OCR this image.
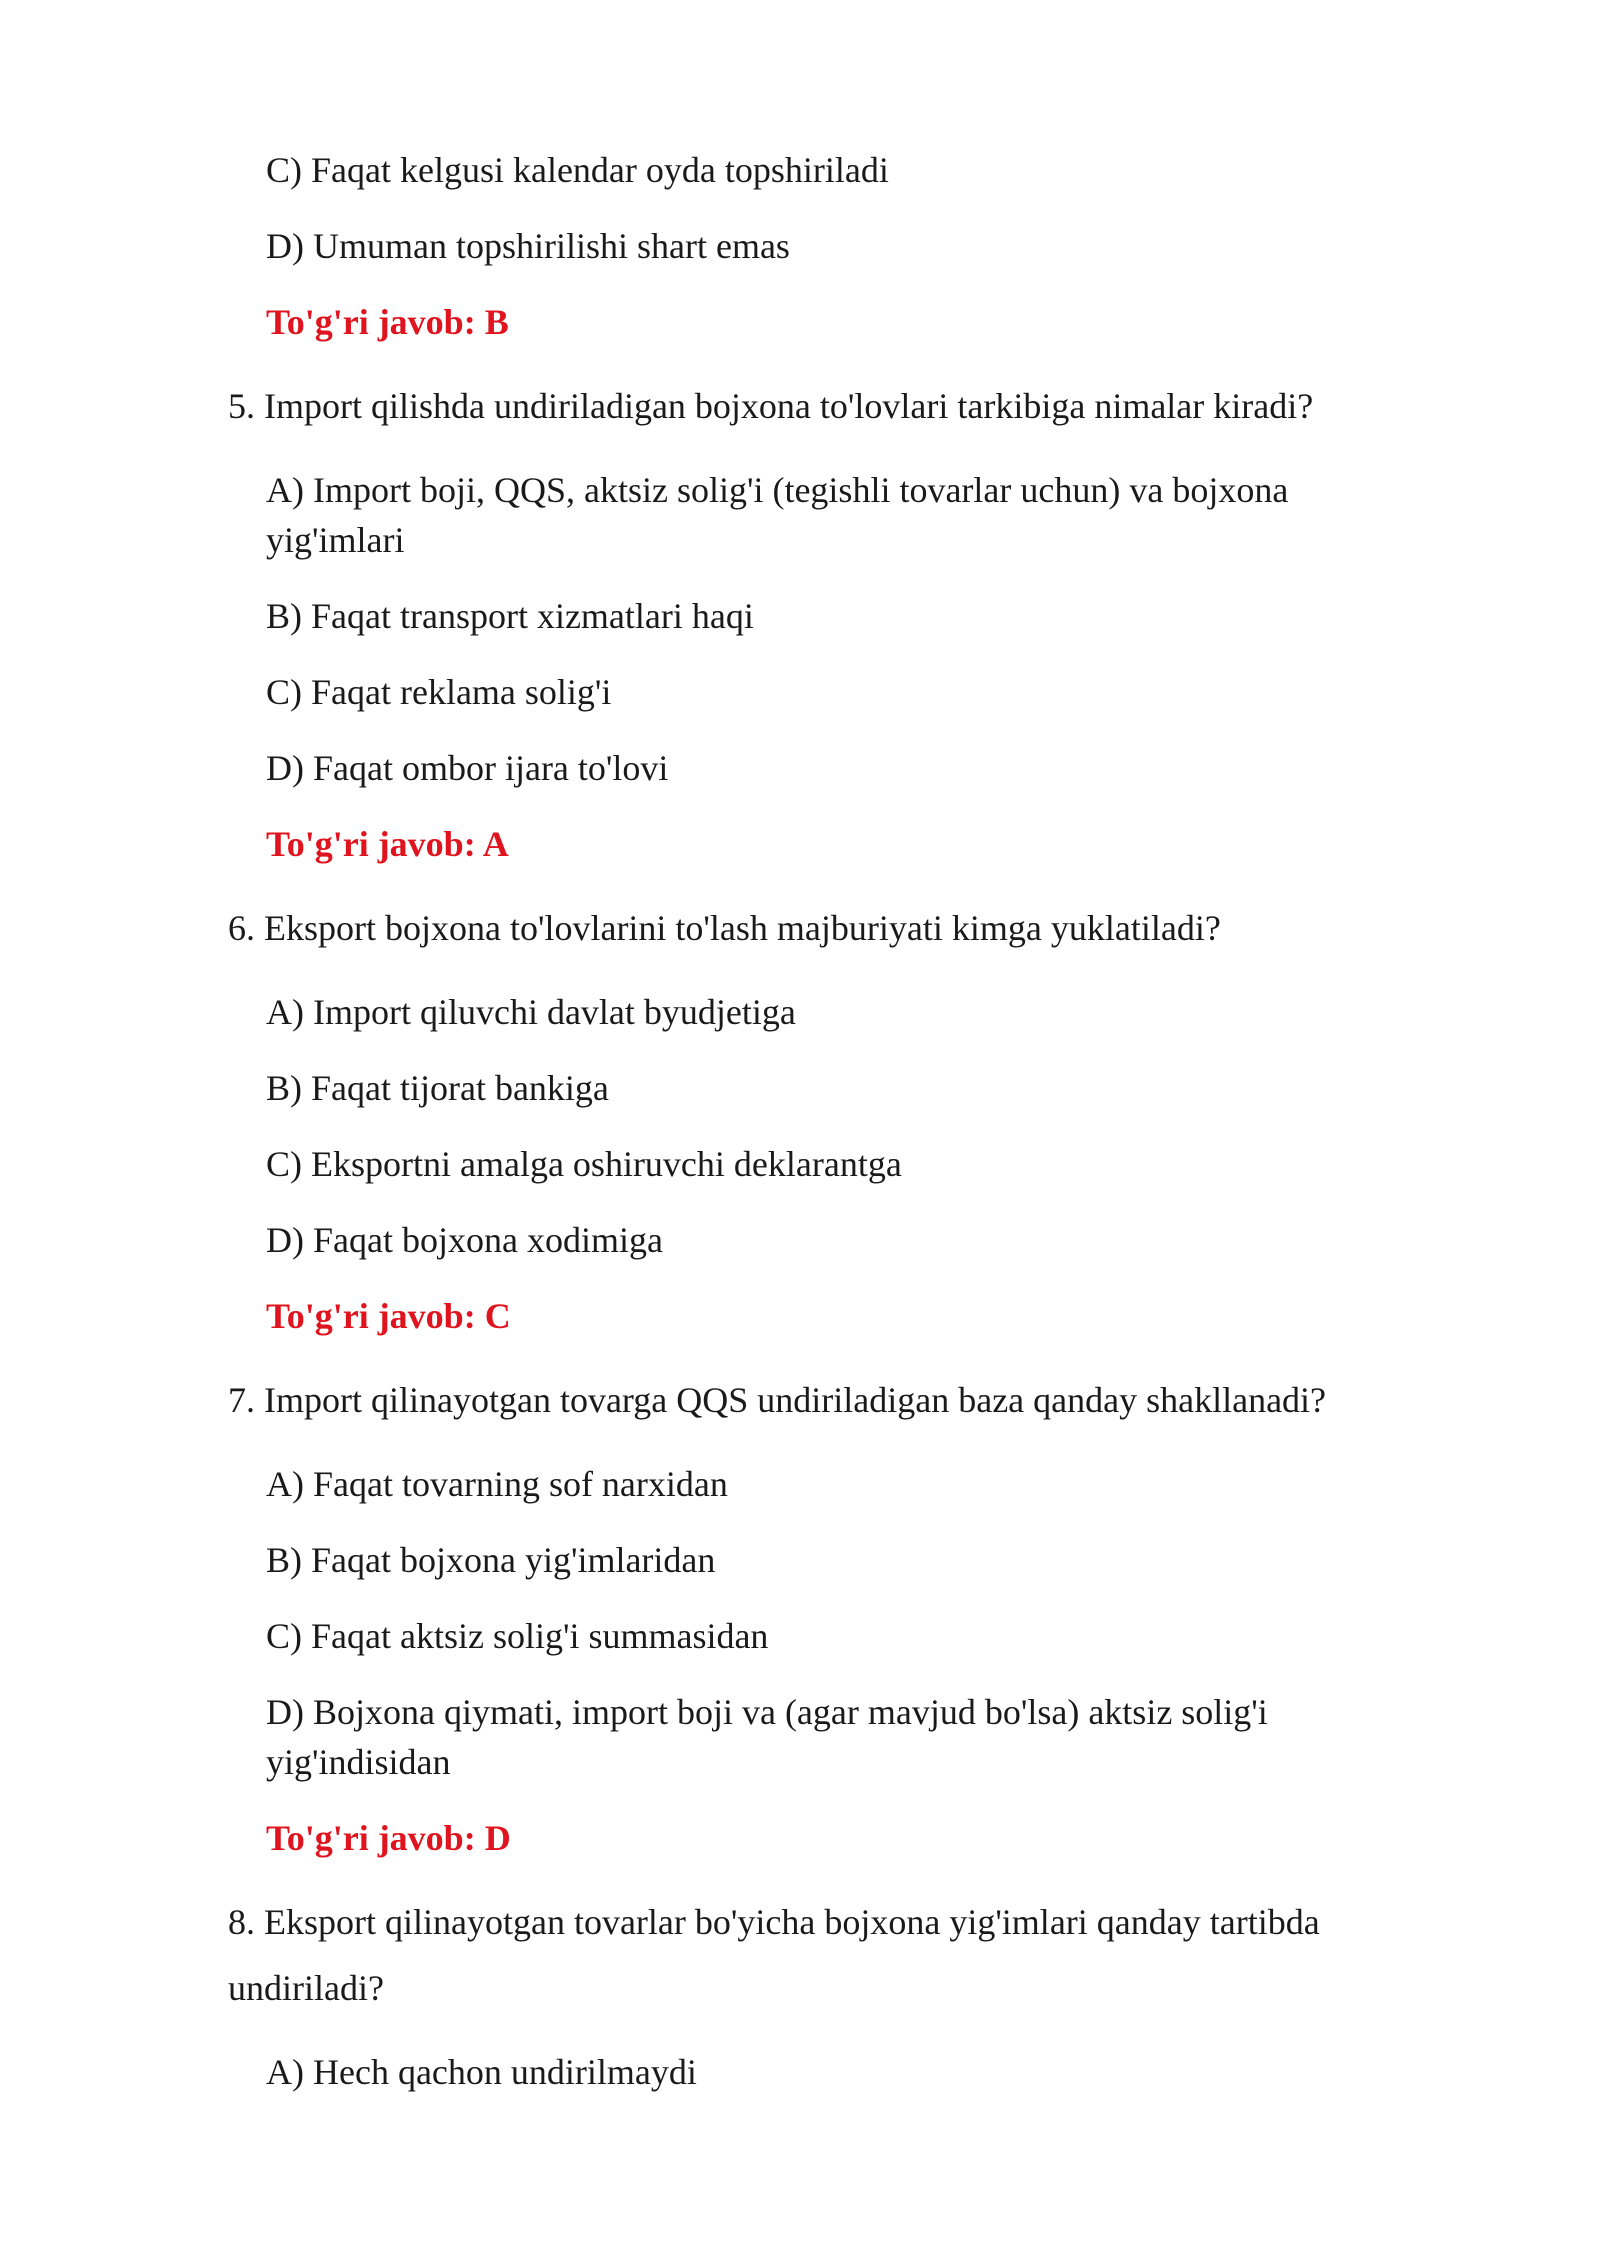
C) Faqat kelgusi kalendar oyda topshiriladi
D) Umuman topshirilishi shart emas
To'g'ri javob: B
5. Import qilishda undiriladigan bojxona to'lovlari tarkibiga nimalar kiradi?
A) Import boji, QQS, aktsiz solig'i (tegishli tovarlar uchun) va bojxona yig'imlari
B) Faqat transport xizmatlari haqi
C) Faqat reklama solig'i
D) Faqat ombor ijara to'lovi
To'g'ri javob: A
6. Eksport bojxona to'lovlarini to'lash majburiyati kimga yuklatiladi?
A) Import qiluvchi davlat byudjetiga
B) Faqat tijorat bankiga
C) Eksportni amalga oshiruvchi deklarantga
D) Faqat bojxona xodimiga
To'g'ri javob: C
7. Import qilinayotgan tovarga QQS undiriladigan baza qanday shakllanadi?
A) Faqat tovarning sof narxidan
B) Faqat bojxona yig'imlaridan
C) Faqat aktsiz solig'i summasidan
D) Bojxona qiymati, import boji va (agar mavjud bo'lsa) aktsiz solig'i yig'indisidan
To'g'ri javob: D
8. Eksport qilinayotgan tovarlar bo'yicha bojxona yig'imlari qanday tartibda undiriladi?
A) Hech qachon undirilmaydi
